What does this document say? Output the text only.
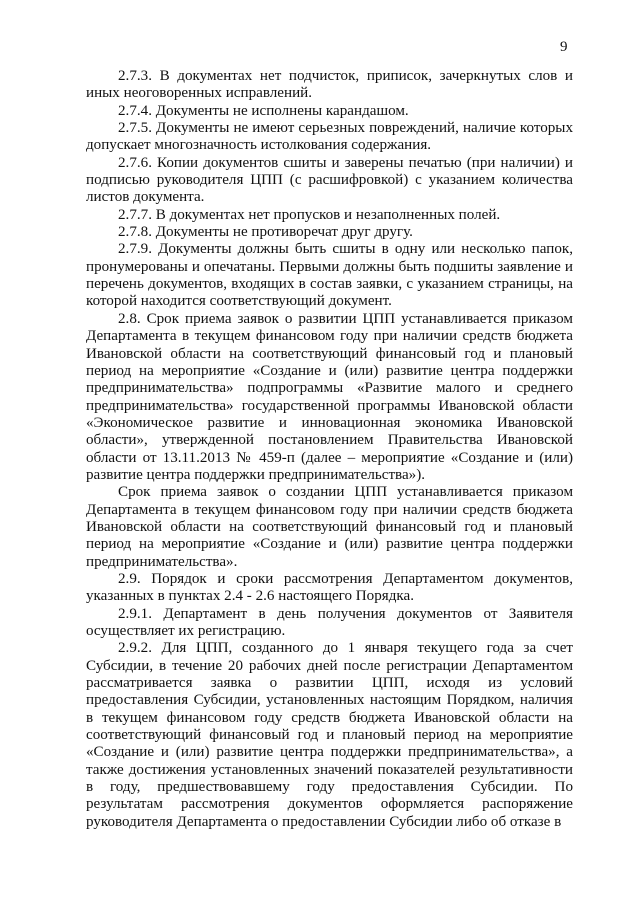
9

2.7.3. В документах нет подчисток, приписок, зачеркнутых слов и иных неоговоренных исправлений.

2.7.4. Документы не исполнены карандашом.

2.7.5. Документы не имеют серьезных повреждений, наличие которых допускает многозначность истолкования содержания.

2.7.6. Копии документов сшиты и заверены печатью (при наличии) и подписью руководителя ЦПП (с расшифровкой) с указанием количества листов документа.

2.7.7. В документах нет пропусков и незаполненных полей.

2.7.8. Документы не противоречат друг другу.

2.7.9. Документы должны быть сшиты в одну или несколько папок, пронумерованы и опечатаны. Первыми должны быть подшиты заявление и перечень документов, входящих в состав заявки, с указанием страницы, на которой находится соответствующий документ.

2.8. Срок приема заявок о развитии ЦПП устанавливается приказом Департамента в текущем финансовом году при наличии средств бюджета Ивановской области на соответствующий финансовый год и плановый период на мероприятие «Создание и (или) развитие центра поддержки предпринимательства» подпрограммы «Развитие малого и среднего предпринимательства» государственной программы Ивановской области «Экономическое развитие и инновационная экономика Ивановской области», утвержденной постановлением Правительства Ивановской области от 13.11.2013 № 459-п (далее – мероприятие «Создание и (или) развитие центра поддержки предпринимательства»).

Срок приема заявок о создании ЦПП устанавливается приказом Департамента в текущем финансовом году при наличии средств бюджета Ивановской области на соответствующий финансовый год и плановый период на мероприятие «Создание и (или) развитие центра поддержки предпринимательства».

2.9. Порядок и сроки рассмотрения Департаментом документов, указанных в пунктах 2.4 - 2.6 настоящего Порядка.

2.9.1. Департамент в день получения документов от Заявителя осуществляет их регистрацию.

2.9.2. Для ЦПП, созданного до 1 января текущего года за счет Субсидии, в течение 20 рабочих дней после регистрации Департаментом рассматривается заявка о развитии ЦПП, исходя из условий предоставления Субсидии, установленных настоящим Порядком, наличия в текущем финансовом году средств бюджета Ивановской области на соответствующий финансовый год и плановый период на мероприятие «Создание и (или) развитие центра поддержки предпринимательства», а также достижения установленных значений показателей результативности в году, предшествовавшему году предоставления Субсидии. По результатам рассмотрения документов оформляется распоряжение руководителя Департамента о предоставлении Субсидии либо об отказе в
